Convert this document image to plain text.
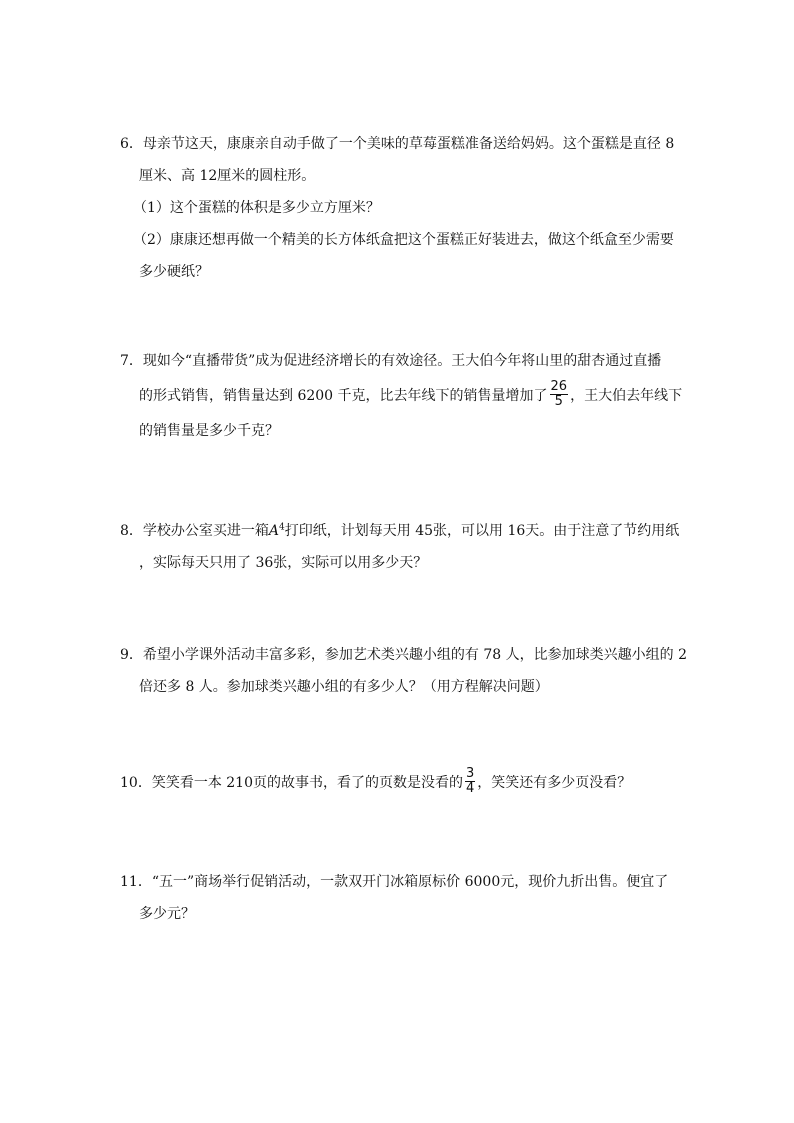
6．母亲节这天，康康亲自动手做了一个美味的草莓蛋糕准备送给妈妈。这个蛋糕是直径 8
厘米、高 12厘米的圆柱形。
（1）这个蛋糕的体积是多少立方厘米？
（2）康康还想再做一个精美的长方体纸盒把这个蛋糕正好装进去，做这个纸盒至少需要
多少硬纸？
7．现如今“直播带货”成为促进经济增长的有效途径。王大伯今年将山里的甜杏通过直播
的形式销售，销售量达到 6200 千克，比去年线下的销售量增加了 $\frac{26}{5}$ ，王大伯去年线下
的销售量是多少千克？
8．学校办公室买进一箱$A^4$打印纸，计划每天用 45张，可以用 16天。由于注意了节约用纸
，实际每天只用了 36张，实际可以用多少天？
9．希望小学课外活动丰富多彩，参加艺术类兴趣小组的有 78 人，比参加球类兴趣小组的 2
倍还多 8 人。参加球类兴趣小组的有多少人？（用方程解决问题）
10．笑笑看一本 210页的故事书，看了的页数是没看的 $\frac{3}{4}$ ，笑笑还有多少页没看？
11．“五一”商场举行促销活动，一款双开门冰箱原标价 6000元，现价九折出售。便宜了
多少元？
